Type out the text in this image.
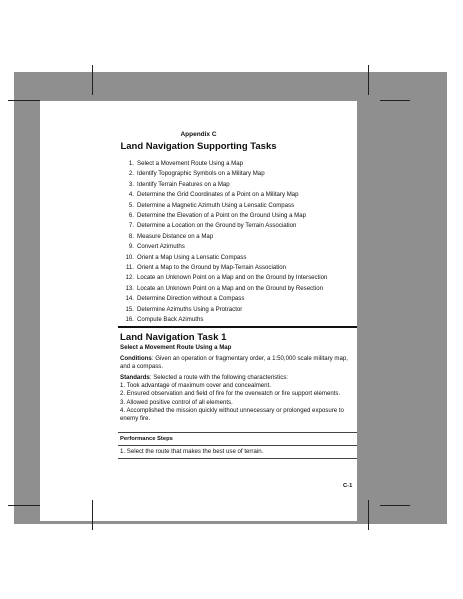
Appendix C
Land Navigation Supporting Tasks
1. Select a Movement Route Using a Map
2. Identify Topographic Symbols on a Military Map
3. Identify Terrain Features on a Map
4. Determine the Grid Coordinates of a Point on a Military Map
5. Determine a Magnetic Azimuth Using a Lensatic Compass
6. Determine the Elevation of a Point on the Ground Using a Map
7. Determine a Location on the Ground by Terrain Association
8. Measure Distance on a Map
9. Convert Azimuths
10. Orient a Map Using a Lensatic Compass
11. Orient a Map to the Ground by Map-Terrain Association
12. Locate an Unknown Point on a Map and on the Ground by Intersection
13. Locate an Unknown Point on a Map and on the Ground by Resection
14. Determine Direction without a Compass
15. Determine Azimuths Using a Protractor
16. Compute Back Azimuths
Land Navigation Task 1
Select a Movement Route Using a Map
Conditions: Given an operation or fragmentary order, a 1:50,000 scale military map, and a compass.
Standards: Selected a route with the following characteristics:
1. Took advantage of maximum cover and concealment.
2. Ensured observation and field of fire for the overwatch or fire support elements.
3. Allowed positive control of all elements.
4. Accomplished the mission quickly without unnecessary or prolonged exposure to enemy fire.
Performance Steps
1. Select the route that makes the best use of terrain.
C-1
